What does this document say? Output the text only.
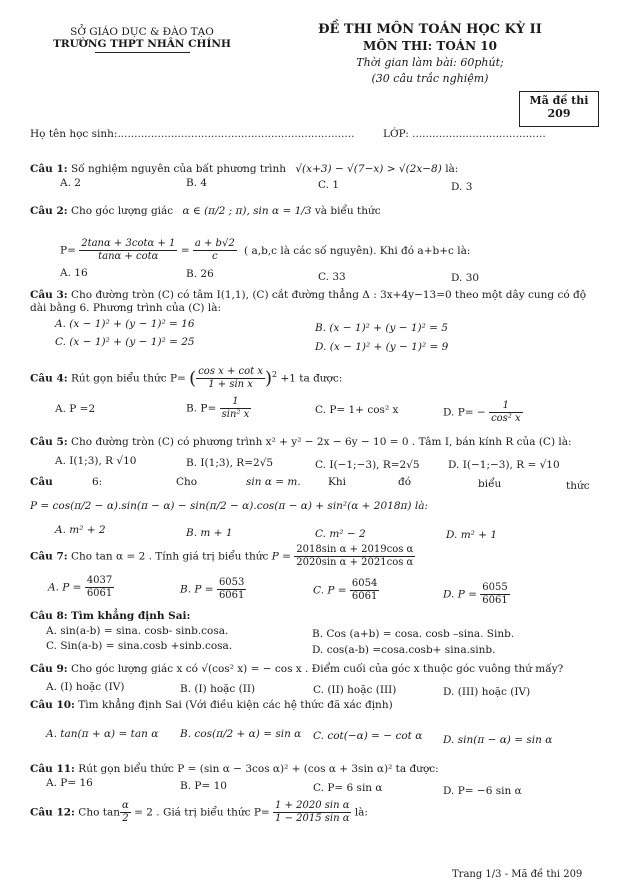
SỞ GIÁO DỤC & ĐÀO TẠO
TRƯỜNG THPT NHÂN CHÍNH
ĐỀ THI MÔN TOÁN HỌC KỲ II
MÔN THI: TOÁN 10
Thời gian làm bài: 60phút;
(30 câu trắc nghiệm)
Mã đề thi
209
Họ tên học sinh:.......................................................................	LỚP: ........................................
Câu 1: Số nghiệm nguyên của bất phương trình √(x+3) − √(7−x) > √(2x−8) là:
A. 2	B. 4	C. 1	D. 3
Câu 2: Cho góc lượng giác α ∈ (π/2 ; π), sin α = 1/3 và biểu thức
$P= \frac{2\tan\alpha + 3\cot\alpha + 1}{\tan\alpha + \cot\alpha} = \frac{a + b√2}{c}$ ( a,b,c là các số nguyên). Khi đó a+b+c là:
A. 16	B. 26	C. 33	D. 30
Câu 3: Cho đường tròn (C) có tâm I(1,1), (C) cắt đường thẳng Δ : 3x+4y−13=0 theo một dây cung có độ
dài bằng 6. Phương trình của (C) là:
A. (x − 1)² + (y − 1)² = 16	B. (x − 1)² + (y − 1)² = 5
C. (x − 1)² + (y − 1)² = 25	D. (x − 1)² + (y − 1)² = 9
Câu 4: Rút gọn biểu thức P= ( $\frac{\text{cos x + cot x}}{\text{1 + sin x}} )^2 +1$ ta được:
A. P =2	B. $P= \frac{1}{\text{sin² x}}$	C. P= 1+ cos² x	D. $P= - \frac{1}{\text{cos² x}}$
Câu 5: Cho đường tròn (C) có phương trình x² + y² − 2x − 6y − 10 = 0 . Tâm I, bán kính R của (C) là:
A. I(1;3), R √10	B. I(1;3), R=2√5	C. I(−1;−3), R=2√5	D. I(−1;−3), R = √10
Câu	6:	Cho	sin α = m.	Khi	đó	biểu	thức
P = cos(π/2 − α).sin(π − α) − sin(π/2 − α).cos(π − α) + sin²(α + 2018π) là:
A. m² + 2	B. m + 1	C. m² − 2	D. m² + 1
Câu 7: Cho tan α = 2 . Tính giá trị biểu thức $P = \frac{\text{2018sin α + 2019cos α}}{\text{2020sin α + 2021cos α}}$
A. $P = \frac{4037}{6061}$	B. $P = \frac{6053}{6061}$	C. $P = \frac{6054}{6061}$	D. $P = \frac{6055}{6061}$
Câu 8: Tìm khẳng định Sai:
A. sin(a-b) = sina. cosb- sinb.cosa.	B. Cos (a+b) = cosa. cosb –sina. Sinb.
C. Sin(a-b) = sina.cosb +sinb.cosa.	D. cos(a-b) =cosa.cosb+ sina.sinb.
Câu 9: Cho góc lượng giác x có √(cos² x) = − cos x . Điểm cuối của góc x thuộc góc vuông thứ mấy?
A. (I) hoặc (IV)	B. (I) hoặc (II)	C. (II) hoặc (III)	D. (III) hoặc (IV)
Câu 10: Tìm khẳng định Sai (Với điều kiện các hệ thức đã xác định)
A. tan(π + α) = tan α B. cos(π/2 + α) = sin α C. cot(−α) = − cot α D. sin(π − α) = sin α
Câu 11: Rút gọn biểu thức P = (sin α − 3cos α)² + (cos α + 3sin α)² ta được:
A. P= 16	B. P= 10	C. P= 6 sin α	D. P= −6 sin α
Câu 12: Cho $\tan \frac{\alpha}{2} = 2$ . Giá trị biểu thức $P= \frac{\text{1 + 2020 sin α}}{\text{1 − 2015 sin α}}$ là:
Trang 1/3 - Mã đề thi 209
